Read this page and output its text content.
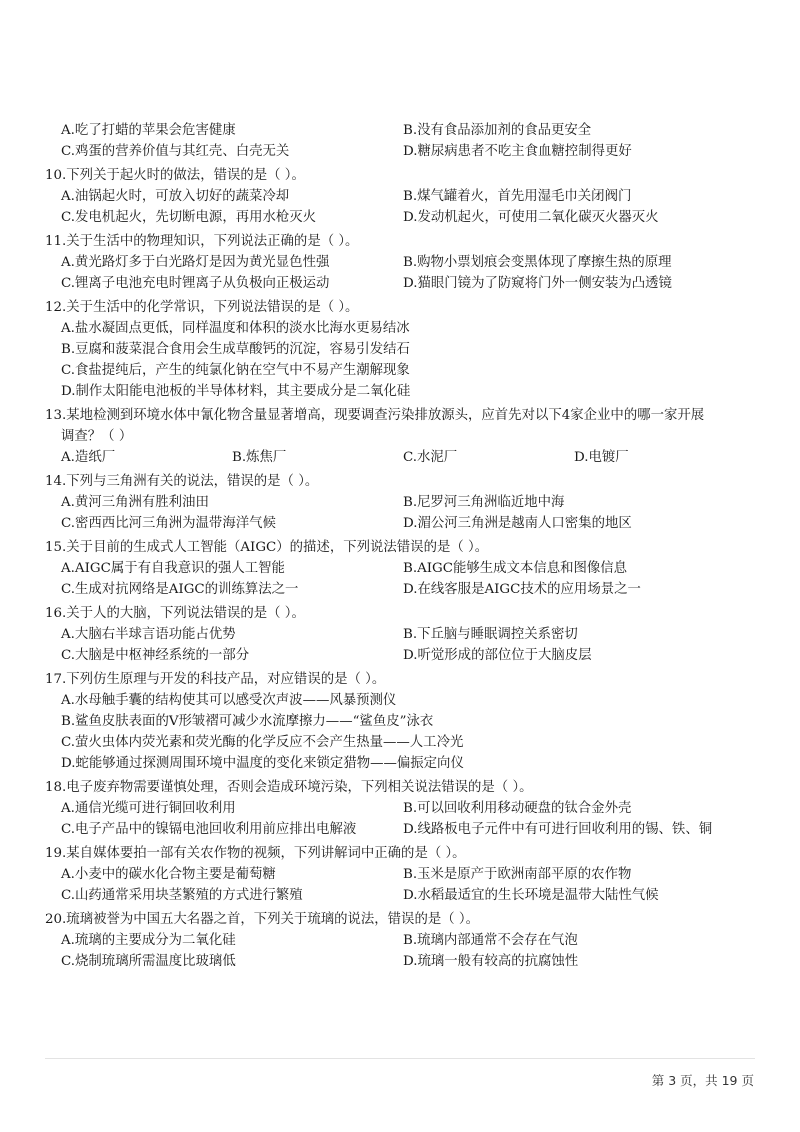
A.吃了打蜡的苹果会危害健康	B.没有食品添加剂的食品更安全
C.鸡蛋的营养价值与其红壳、白壳无关	D.糖尿病患者不吃主食血糖控制得更好
10.下列关于起火时的做法，错误的是（ ）。
A.油锅起火时，可放入切好的蔬菜冷却	B.煤气罐着火，首先用湿毛巾关闭阀门
C.发电机起火，先切断电源，再用水枪灭火	D.发动机起火，可使用二氧化碳灭火器灭火
11.关于生活中的物理知识，下列说法正确的是（ ）。
A.黄光路灯多于白光路灯是因为黄光显色性强	B.购物小票划痕会变黑体现了摩擦生热的原理
C.锂离子电池充电时锂离子从负极向正极运动	D.猫眼门镜为了防窥将门外一侧安装为凸透镜
12.关于生活中的化学常识，下列说法错误的是（ ）。
A.盐水凝固点更低，同样温度和体积的淡水比海水更易结冰
B.豆腐和菠菜混合食用会生成草酸钙的沉淀，容易引发结石
C.食盐提纯后，产生的纯氯化钠在空气中不易产生潮解现象
D.制作太阳能电池板的半导体材料，其主要成分是二氧化硅
13.某地检测到环境水体中氰化物含量显著增高，现要调查污染排放源头，应首先对以下4家企业中的哪一家开展
调查？（ ）
A.造纸厂	B.炼焦厂	C.水泥厂	D.电镀厂
14.下列与三角洲有关的说法，错误的是（ ）。
A.黄河三角洲有胜利油田	B.尼罗河三角洲临近地中海
C.密西西比河三角洲为温带海洋气候	D.湄公河三角洲是越南人口密集的地区
15.关于目前的生成式人工智能（AIGC）的描述，下列说法错误的是（ ）。
A.AIGC属于有自我意识的强人工智能	B.AIGC能够生成文本信息和图像信息
C.生成对抗网络是AIGC的训练算法之一	D.在线客服是AIGC技术的应用场景之一
16.关于人的大脑，下列说法错误的是（ ）。
A.大脑右半球言语功能占优势	B.下丘脑与睡眠调控关系密切
C.大脑是中枢神经系统的一部分	D.听觉形成的部位位于大脑皮层
17.下列仿生原理与开发的科技产品，对应错误的是（ ）。
A.水母触手囊的结构使其可以感受次声波——风暴预测仪
B.鲨鱼皮肤表面的V形皱褶可减少水流摩擦力——“鲨鱼皮”泳衣
C.萤火虫体内荧光素和荧光酶的化学反应不会产生热量——人工冷光
D.蛇能够通过探测周围环境中温度的变化来锁定猎物——偏振定向仪
18.电子废弃物需要谨慎处理，否则会造成环境污染，下列相关说法错误的是（ ）。
A.通信光缆可进行铜回收利用	B.可以回收利用移动硬盘的钛合金外壳
C.电子产品中的镍镉电池回收利用前应排出电解液	D.线路板电子元件中有可进行回收利用的锡、铁、铜
19.某自媒体要拍一部有关农作物的视频，下列讲解词中正确的是（ ）。
A.小麦中的碳水化合物主要是葡萄糖	B.玉米是原产于欧洲南部平原的农作物
C.山药通常采用块茎繁殖的方式进行繁殖	D.水稻最适宜的生长环境是温带大陆性气候
20.琉璃被誉为中国五大名器之首，下列关于琉璃的说法，错误的是（ ）。
A.琉璃的主要成分为二氧化硅	B.琉璃内部通常不会存在气泡
C.烧制琉璃所需温度比玻璃低	D.琉璃一般有较高的抗腐蚀性
第 3 页，共 19 页
